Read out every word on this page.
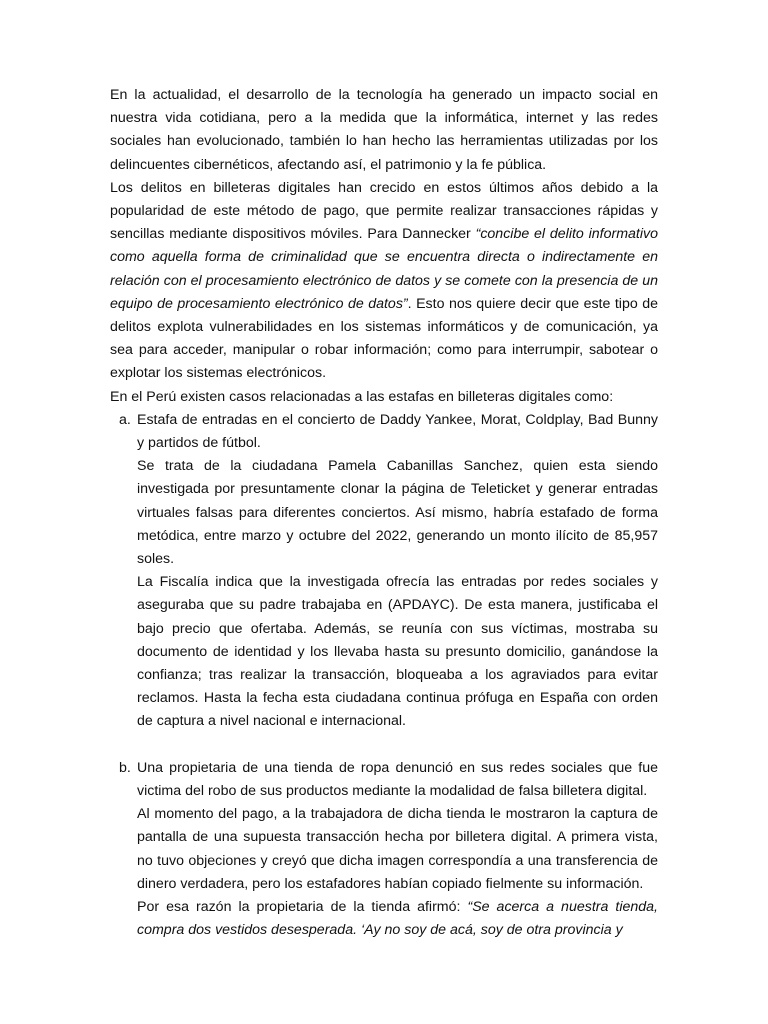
En la actualidad, el desarrollo de la tecnología ha generado un impacto social en nuestra vida cotidiana, pero a la medida que la informática, internet y las redes sociales han evolucionado, también lo han hecho las herramientas utilizadas por los delincuentes cibernéticos, afectando así, el patrimonio y la fe pública.

Los delitos en billeteras digitales han crecido en estos últimos años debido a la popularidad de este método de pago, que permite realizar transacciones rápidas y sencillas mediante dispositivos móviles. Para Dannecker “concibe el delito informativo como aquella forma de criminalidad que se encuentra directa o indirectamente en relación con el procesamiento electrónico de datos y se comete con la presencia de un equipo de procesamiento electrónico de datos”. Esto nos quiere decir que este tipo de delitos explota vulnerabilidades en los sistemas informáticos y de comunicación, ya sea para acceder, manipular o robar información; como para interrumpir, sabotear o explotar los sistemas electrónicos.

En el Perú existen casos relacionadas a las estafas en billeteras digitales como:

a. Estafa de entradas en el concierto de Daddy Yankee, Morat, Coldplay, Bad Bunny y partidos de fútbol.

Se trata de la ciudadana Pamela Cabanillas Sanchez, quien esta siendo investigada por presuntamente clonar la página de Teleticket y generar entradas virtuales falsas para diferentes conciertos. Así mismo, habría estafado de forma metódica, entre marzo y octubre del 2022, generando un monto ilícito de 85,957 soles.

La Fiscalía indica que la investigada ofrecía las entradas por redes sociales y aseguraba que su padre trabajaba en (APDAYC). De esta manera, justificaba el bajo precio que ofertaba. Además, se reunía con sus víctimas, mostraba su documento de identidad y los llevaba hasta su presunto domicilio, ganándose la confianza; tras realizar la transacción, bloqueaba a los agraviados para evitar reclamos. Hasta la fecha esta ciudadana continua prófuga en España con orden de captura a nivel nacional e internacional.

b. Una propietaria de una tienda de ropa denunció en sus redes sociales que fue victima del robo de sus productos mediante la modalidad de falsa billetera digital.

Al momento del pago, a la trabajadora de dicha tienda le mostraron la captura de pantalla de una supuesta transacción hecha por billetera digital. A primera vista, no tuvo objeciones y creyó que dicha imagen correspondía a una transferencia de dinero verdadera, pero los estafadores habían copiado fielmente su información.

Por esa razón la propietaria de la tienda afirmó: “Se acerca a nuestra tienda, compra dos vestidos desesperada. ‘Ay no soy de acá, soy de otra provincia y
